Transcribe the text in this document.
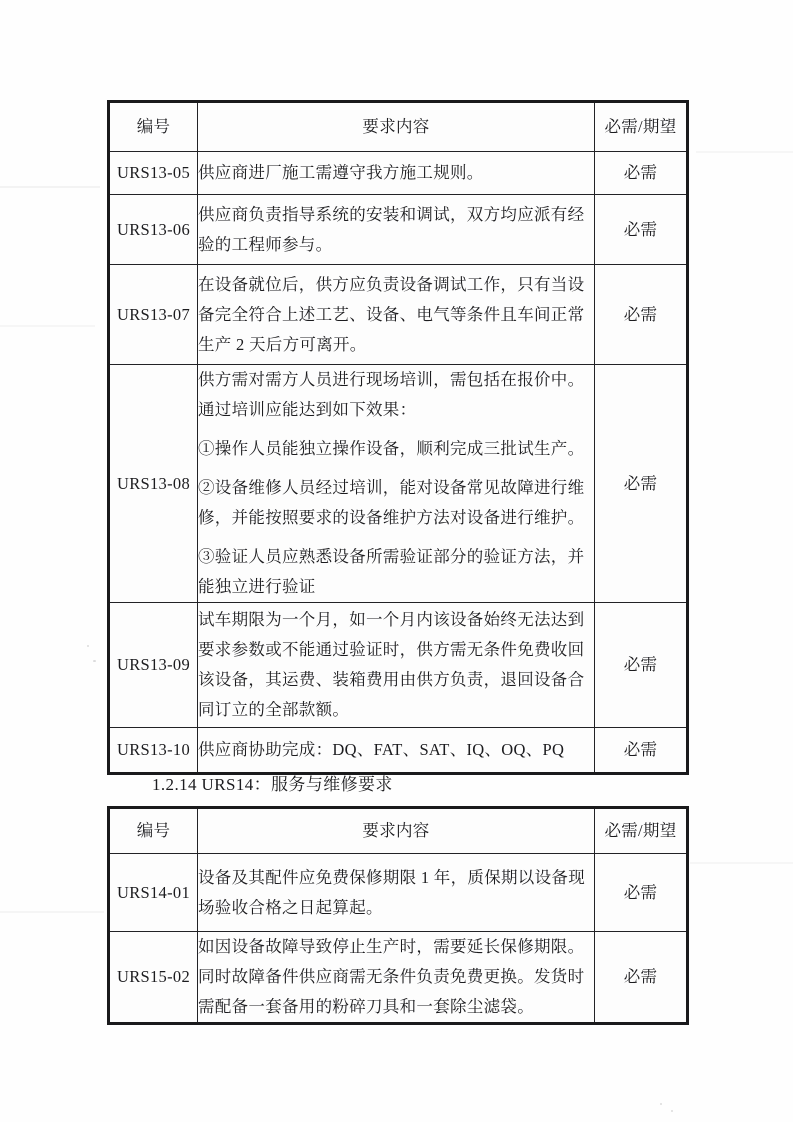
编号	要求内容	必需/期望
URS13-05	供应商进厂施工需遵守我方施工规则。	必需
URS13-06	供应商负责指导系统的安装和调试，双方均应派有经验的工程师参与。	必需
URS13-07	在设备就位后，供方应负责设备调试工作，只有当设备完全符合上述工艺、设备、电气等条件且车间正常生产 2 天后方可离开。	必需
URS13-08	供方需对需方人员进行现场培训，需包括在报价中。通过培训应能达到如下效果：

①操作人员能独立操作设备，顺利完成三批试生产。

②设备维修人员经过培训，能对设备常见故障进行维修，并能按照要求的设备维护方法对设备进行维护。

③验证人员应熟悉设备所需验证部分的验证方法，并能独立进行验证	必需
URS13-09	试车期限为一个月，如一个月内该设备始终无法达到要求参数或不能通过验证时，供方需无条件免费收回该设备，其运费、装箱费用由供方负责，退回设备合同订立的全部款额。	必需
URS13-10	供应商协助完成：DQ、FAT、SAT、IQ、OQ、PQ	必需
1.2.14 URS14：服务与维修要求
编号	要求内容	必需/期望
URS14-01	设备及其配件应免费保修期限 1 年，质保期以设备现场验收合格之日起算起。	必需
URS15-02	如因设备故障导致停止生产时，需要延长保修期限。同时故障备件供应商需无条件负责免费更换。发货时需配备一套备用的粉碎刀具和一套除尘滤袋。	必需
